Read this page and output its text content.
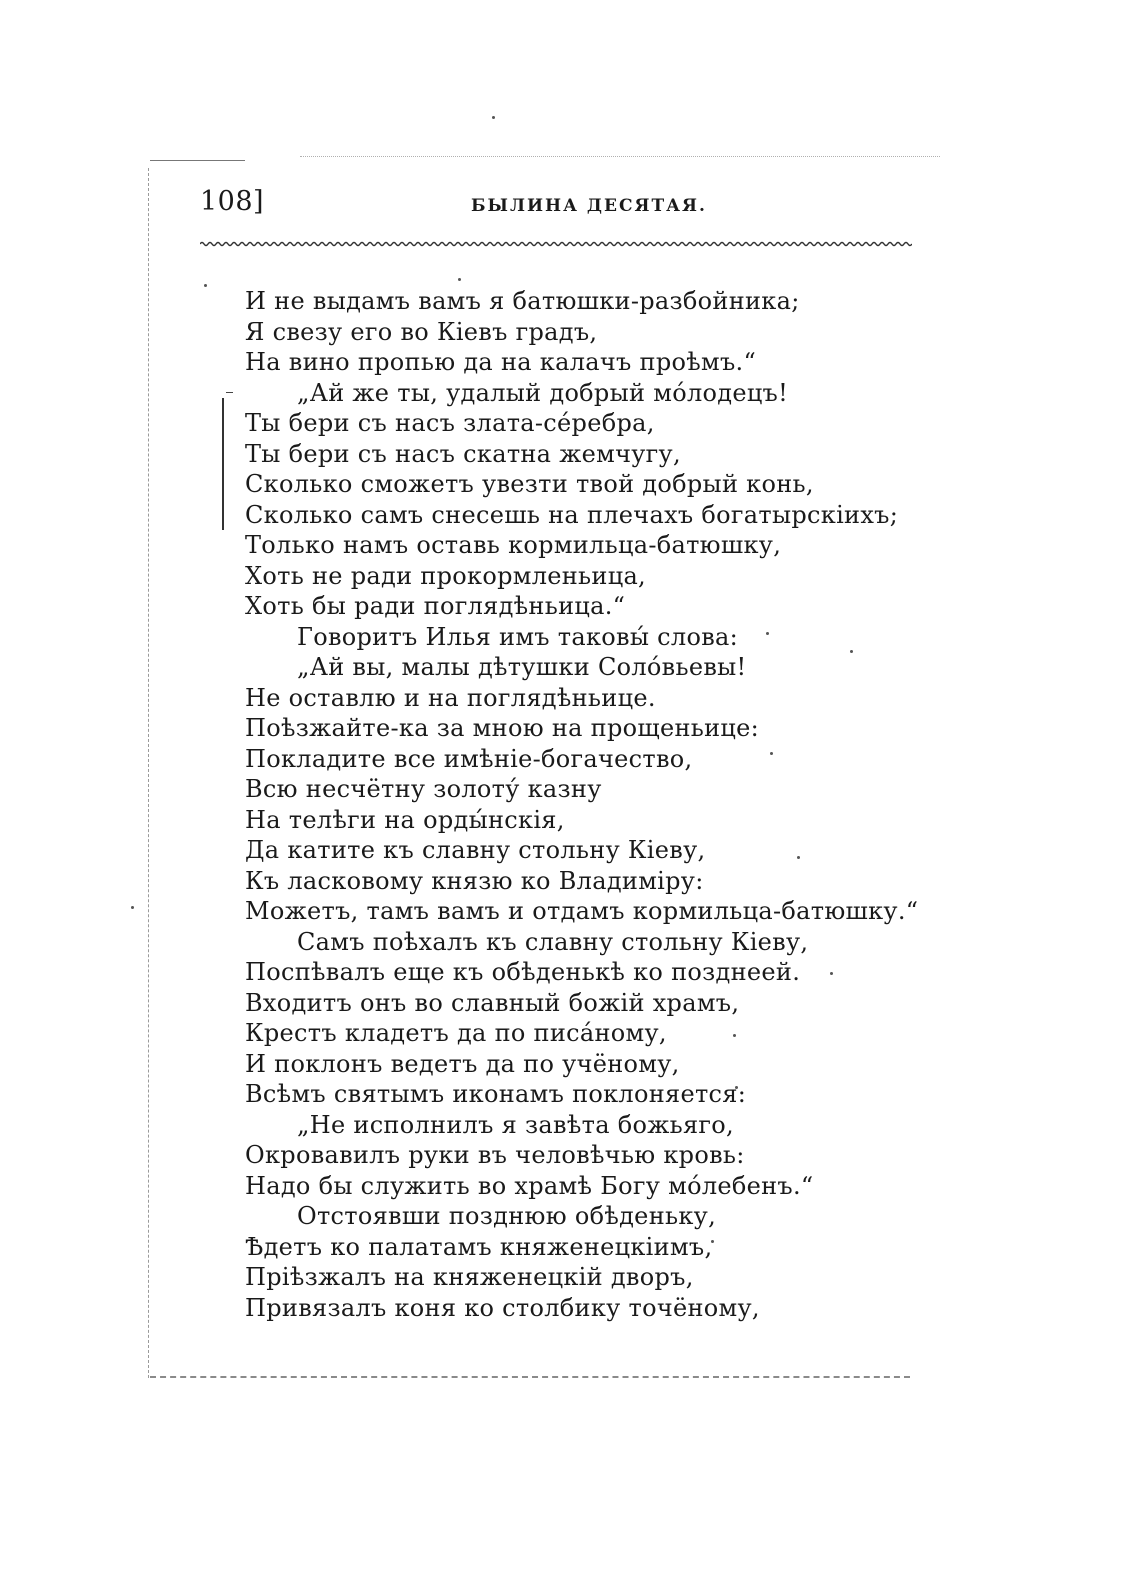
108]	БЫЛИНА ДЕСЯТАЯ.
И не выдамъ вамъ я батюшки-разбойника;
Я свезу его во Кіевъ градъ,
На вино пропью да на калачъ проѣмъ.“
„Ай же ты, удалый добрый мо́лодецъ!
Ты бери съ насъ злата-се́ребра,
Ты бери съ насъ скатна жемчугу,
Сколько сможетъ увезти твой добрый конь,
Сколько самъ снесешь на плечахъ богатырскіихъ;
Только намъ оставь кормильца-батюшку,
Хоть не ради прокормленьица,
Хоть бы ради поглядѣньица.“
Говоритъ Илья имъ таковы́ слова:
„Ай вы, малы дѣтушки Соло́вьевы!
Не оставлю и на поглядѣньице.
Поѣзжайте-ка за мною на прощеньице:
Покладите все имѣніе-богачество,
Всю несчётну золоту́ казну
На телѣги на орды́нскія,
Да катите къ славну стольну Кіеву,
Къ ласковому князю ко Владиміру:
Можетъ, тамъ вамъ и отдамъ кормильца-батюшку.“
Самъ поѣхалъ къ славну стольну Кіеву,
Поспѣвалъ еще къ обѣденькѣ ко позднеей.
Входитъ онъ во славный божій храмъ,
Крестъ кладетъ да по писа́ному,
И поклонъ ведетъ да по учёному,
Всѣмъ святымъ иконамъ поклоняется:
„Не исполнилъ я завѣта божьяго,
Окровавилъ руки въ человѣчью кровь:
Надо бы служить во храмѣ Богу мо́лебенъ.“
Отстоявши позднюю обѣденьку,
Ѣдетъ ко палатамъ княженецкіимъ,
Пріѣзжалъ на княженецкій дворъ,
Привязалъ коня ко столбику точёному,
